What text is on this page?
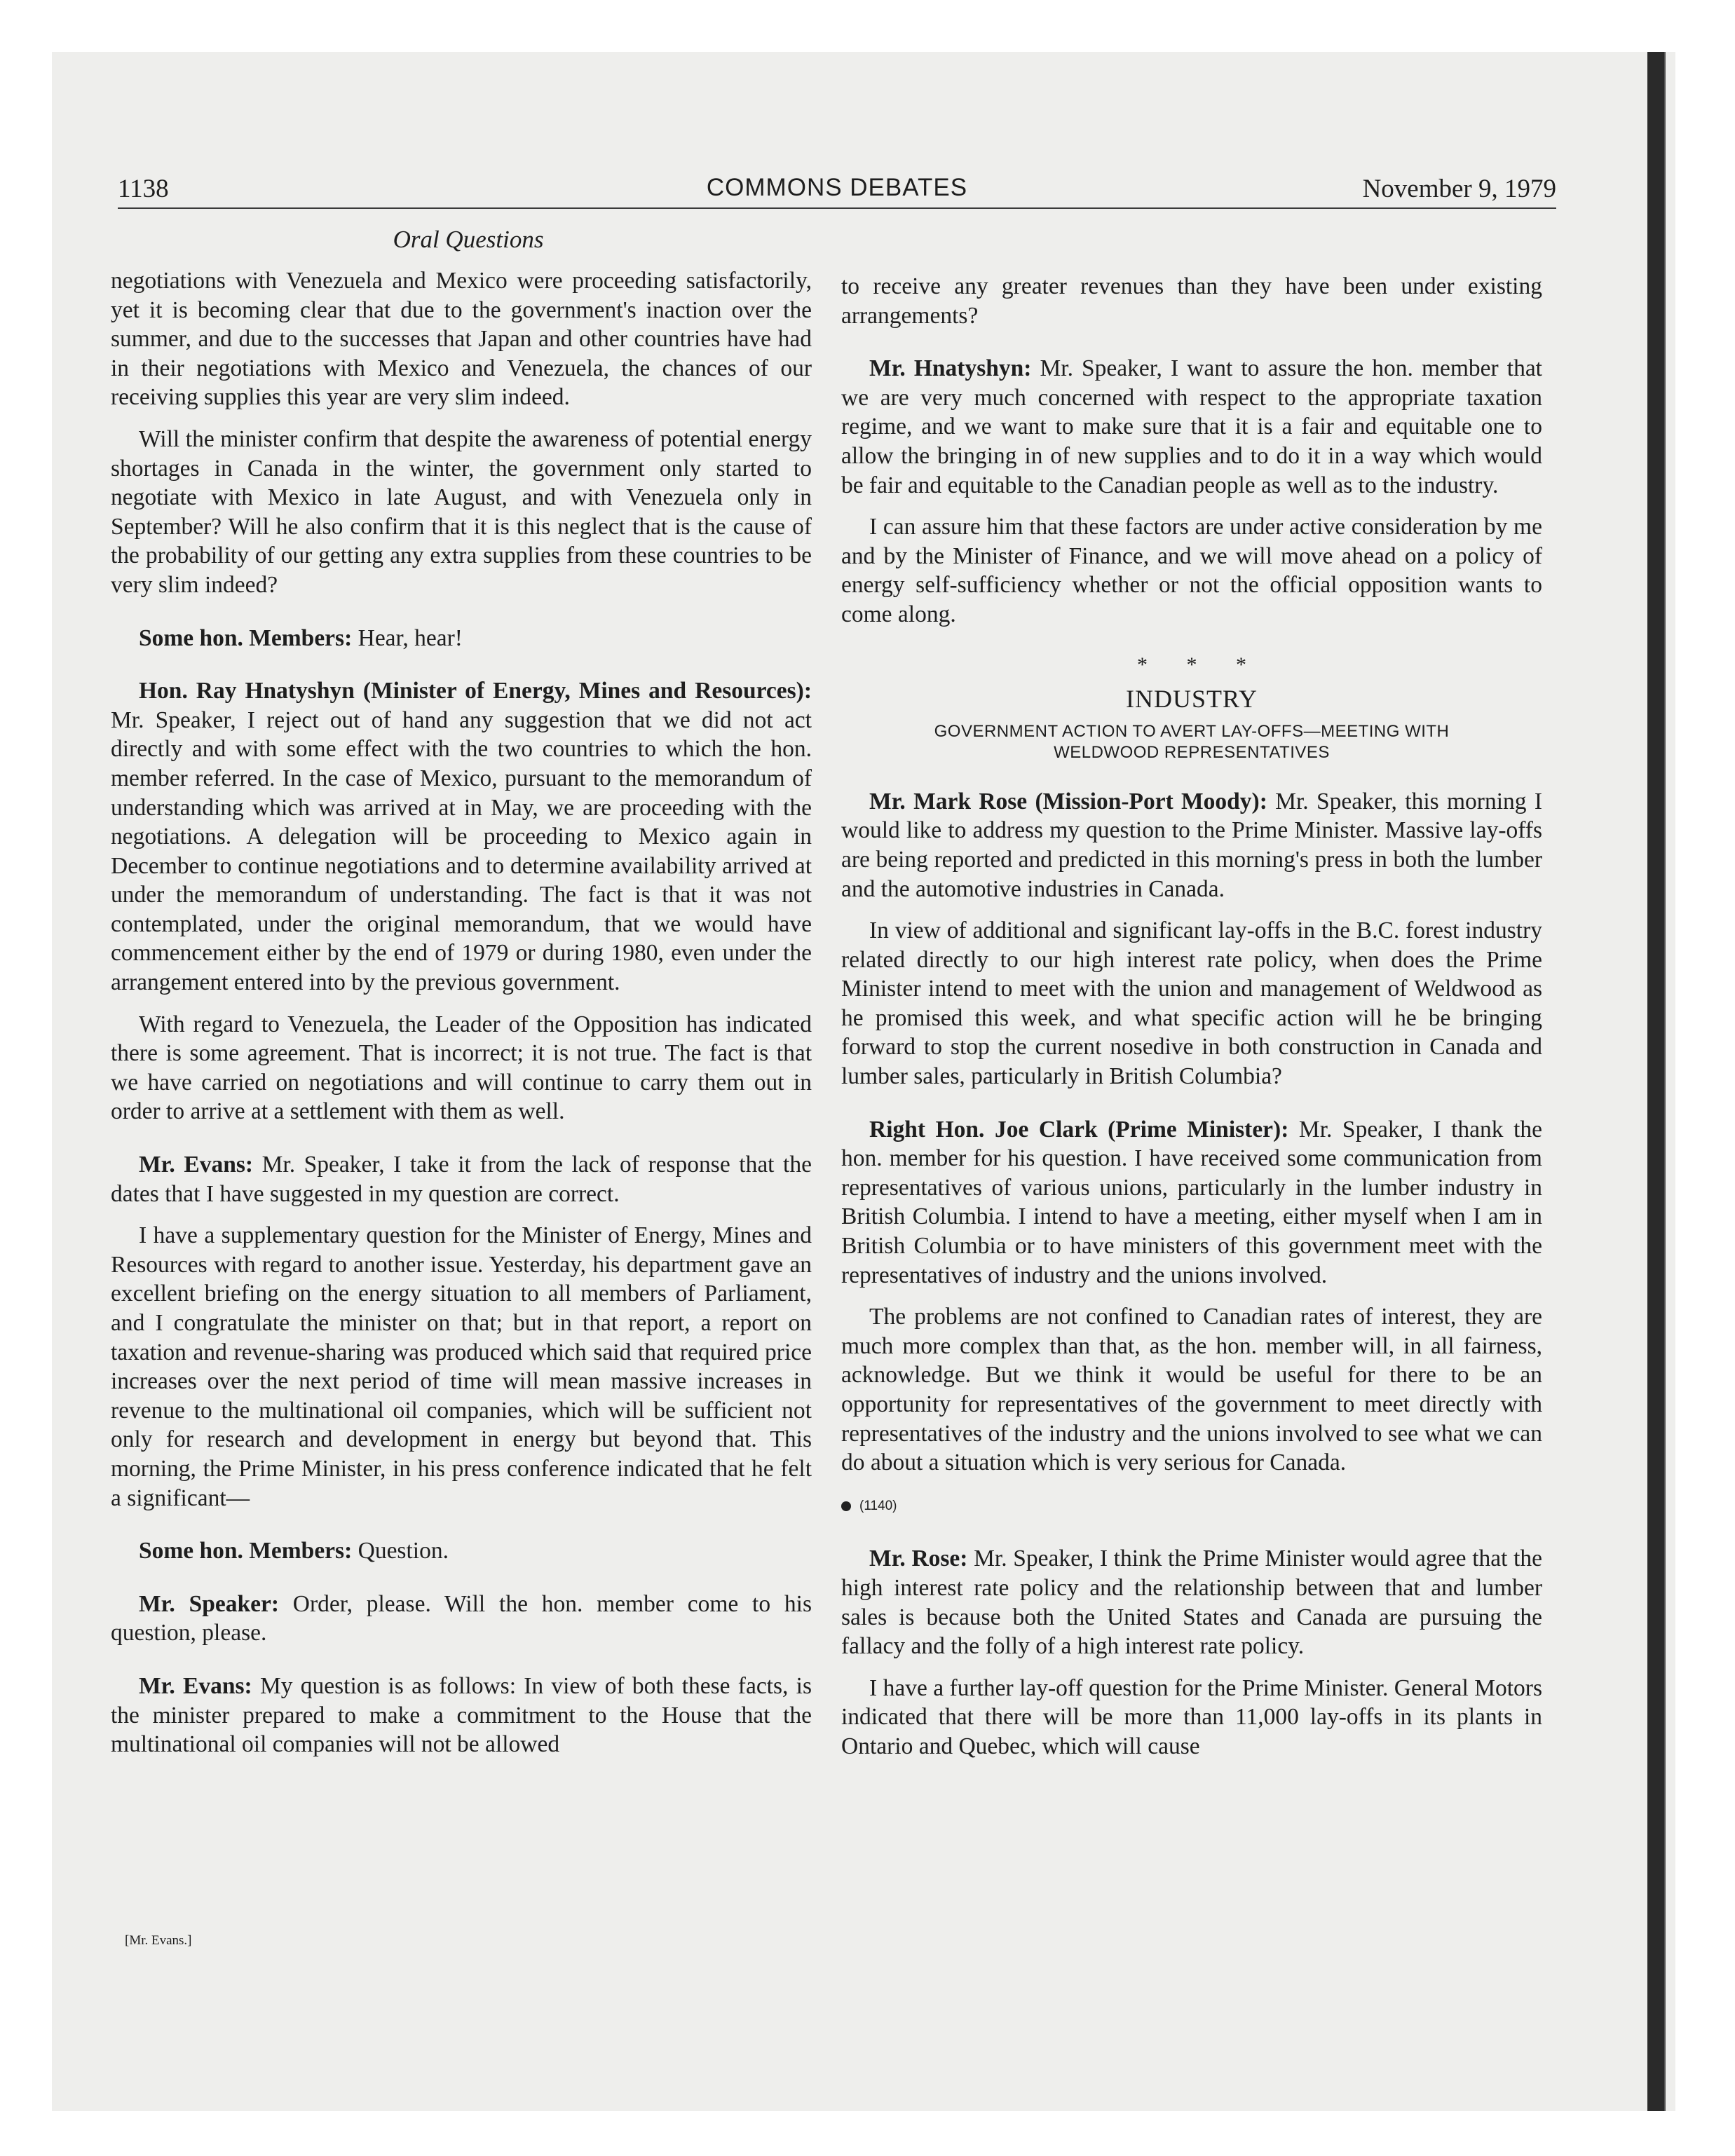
1138	COMMONS DEBATES	November 9, 1979
Oral Questions

negotiations with Venezuela and Mexico were proceeding satisfactorily, yet it is becoming clear that due to the government's inaction over the summer, and due to the successes that Japan and other countries have had in their negotiations with Mexico and Venezuela, the chances of our receiving supplies this year are very slim indeed.

Will the minister confirm that despite the awareness of potential energy shortages in Canada in the winter, the government only started to negotiate with Mexico in late August, and with Venezuela only in September? Will he also confirm that it is this neglect that is the cause of the probability of our getting any extra supplies from these countries to be very slim indeed?

Some hon. Members: Hear, hear!

Hon. Ray Hnatyshyn (Minister of Energy, Mines and Resources): Mr. Speaker, I reject out of hand any suggestion that we did not act directly and with some effect with the two countries to which the hon. member referred. In the case of Mexico, pursuant to the memorandum of understanding which was arrived at in May, we are proceeding with the negotiations. A delegation will be proceeding to Mexico again in December to continue negotiations and to determine availability arrived at under the memorandum of understanding. The fact is that it was not contemplated, under the original memorandum, that we would have commencement either by the end of 1979 or during 1980, even under the arrangement entered into by the previous government.

With regard to Venezuela, the Leader of the Opposition has indicated there is some agreement. That is incorrect; it is not true. The fact is that we have carried on negotiations and will continue to carry them out in order to arrive at a settlement with them as well.

Mr. Evans: Mr. Speaker, I take it from the lack of response that the dates that I have suggested in my question are correct.

I have a supplementary question for the Minister of Energy, Mines and Resources with regard to another issue. Yesterday, his department gave an excellent briefing on the energy situation to all members of Parliament, and I congratulate the minister on that; but in that report, a report on taxation and revenue-sharing was produced which said that required price increases over the next period of time will mean massive increases in revenue to the multinational oil companies, which will be sufficient not only for research and development in energy but beyond that. This morning, the Prime Minister, in his press conference indicated that he felt a significant—

Some hon. Members: Question.

Mr. Speaker: Order, please. Will the hon. member come to his question, please.

Mr. Evans: My question is as follows: In view of both these facts, is the minister prepared to make a commitment to the House that the multinational oil companies will not be allowed

to receive any greater revenues than they have been under existing arrangements?

Mr. Hnatyshyn: Mr. Speaker, I want to assure the hon. member that we are very much concerned with respect to the appropriate taxation regime, and we want to make sure that it is a fair and equitable one to allow the bringing in of new supplies and to do it in a way which would be fair and equitable to the Canadian people as well as to the industry.

I can assure him that these factors are under active consideration by me and by the Minister of Finance, and we will move ahead on a policy of energy self-sufficiency whether or not the official opposition wants to come along.

* * *
INDUSTRY
GOVERNMENT ACTION TO AVERT LAY-OFFS—MEETING WITH WELDWOOD REPRESENTATIVES

Mr. Mark Rose (Mission-Port Moody): Mr. Speaker, this morning I would like to address my question to the Prime Minister. Massive lay-offs are being reported and predicted in this morning's press in both the lumber and the automotive industries in Canada.

In view of additional and significant lay-offs in the B.C. forest industry related directly to our high interest rate policy, when does the Prime Minister intend to meet with the union and management of Weldwood as he promised this week, and what specific action will he be bringing forward to stop the current nosedive in both construction in Canada and lumber sales, particularly in British Columbia?

Right Hon. Joe Clark (Prime Minister): Mr. Speaker, I thank the hon. member for his question. I have received some communication from representatives of various unions, particularly in the lumber industry in British Columbia. I intend to have a meeting, either myself when I am in British Columbia or to have ministers of this government meet with the representatives of industry and the unions involved.

The problems are not confined to Canadian rates of interest, they are much more complex than that, as the hon. member will, in all fairness, acknowledge. But we think it would be useful for there to be an opportunity for representatives of the government to meet directly with representatives of the industry and the unions involved to see what we can do about a situation which is very serious for Canada.

(1140)

Mr. Rose: Mr. Speaker, I think the Prime Minister would agree that the high interest rate policy and the relationship between that and lumber sales is because both the United States and Canada are pursuing the fallacy and the folly of a high interest rate policy.

I have a further lay-off question for the Prime Minister. General Motors indicated that there will be more than 11,000 lay-offs in its plants in Ontario and Quebec, which will cause

[Mr. Evans.]
